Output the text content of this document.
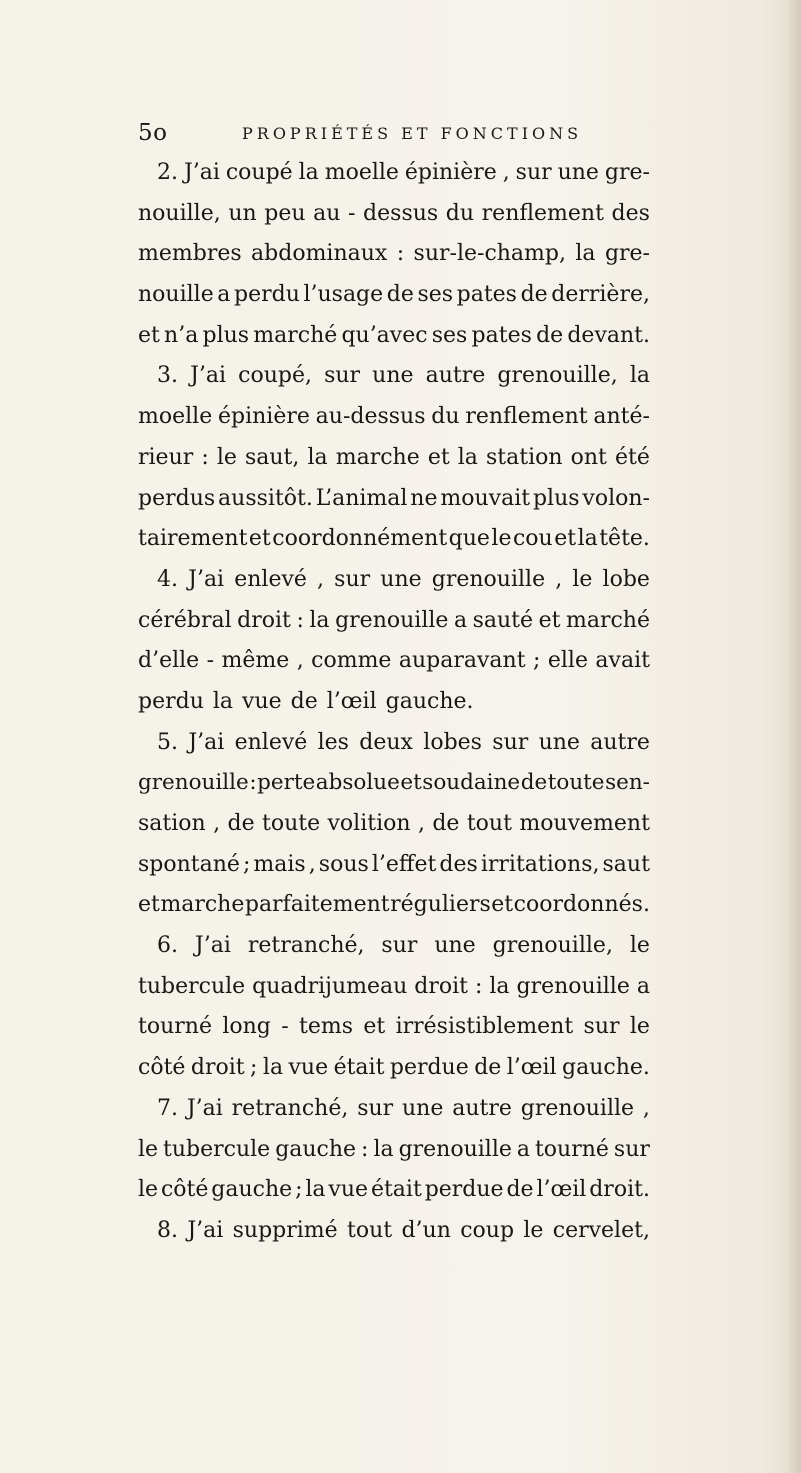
5o	PROPRIÉTÉS ET FONCTIONS
2. J’ai coupé la moelle épinière , sur une gre-
nouille, un peu au - dessus du renflement des
membres abdominaux : sur-le-champ, la gre-
nouille a perdu l’usage de ses pates de derrière,
et n’a plus marché qu’avec ses pates de devant.
3. J’ai coupé, sur une autre grenouille, la
moelle épinière au-dessus du renflement anté-
rieur : le saut, la marche et la station ont été
perdus aussitôt. L’animal ne mouvait plus volon-
tairement et coordonnément que le cou et la tête.
4. J’ai enlevé , sur une grenouille , le lobe
cérébral droit : la grenouille a sauté et marché
d’elle - même , comme auparavant ; elle avait
perdu la vue de l’œil gauche.
5. J’ai enlevé les deux lobes sur une autre
grenouille : perte absolue et soudaine de toute sen-
sation , de toute volition , de tout mouvement
spontané ; mais , sous l’effet des irritations, saut
et marche parfaitement réguliers et coordonnés.
6. J’ai retranché, sur une grenouille, le
tubercule quadrijumeau droit : la grenouille a
tourné long - tems et irrésistiblement sur le
côté droit ; la vue était perdue de l’œil gauche.
7. J’ai retranché, sur une autre grenouille ,
le tubercule gauche : la grenouille a tourné sur
le côté gauche ; la vue était perdue de l’œil droit.
8. J’ai supprimé tout d’un coup le cervelet,
